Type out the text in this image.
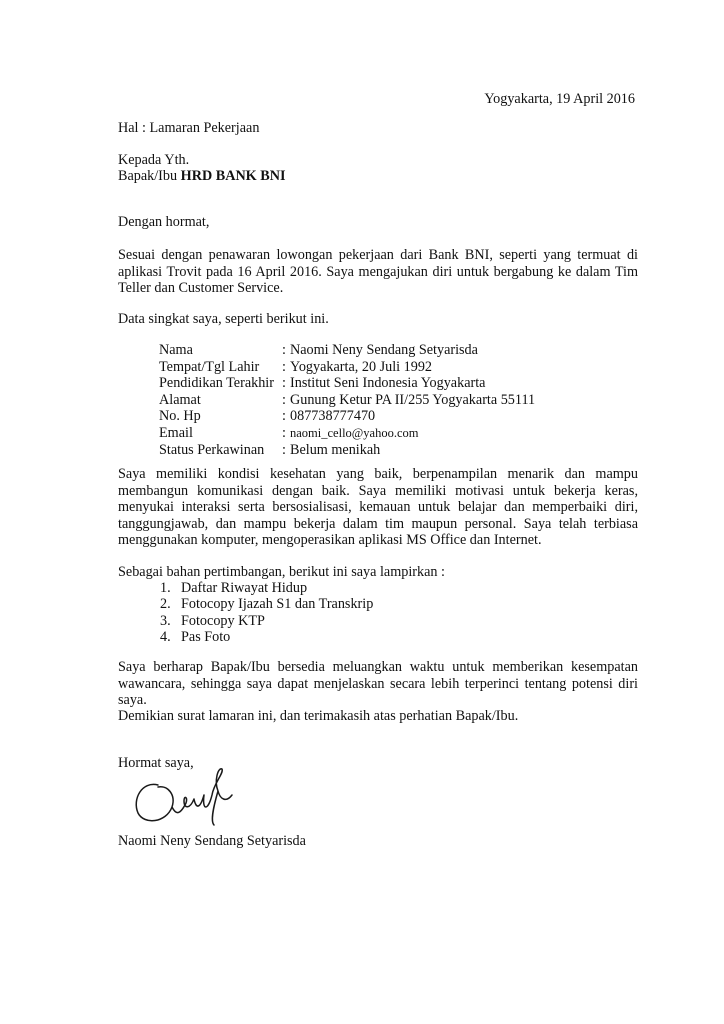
Yogyakarta, 19 April 2016
Hal : Lamaran Pekerjaan
Kepada Yth.
Bapak/Ibu HRD BANK BNI
Dengan hormat,
Sesuai dengan penawaran lowongan pekerjaan dari Bank BNI, seperti yang termuat di aplikasi Trovit pada 16 April 2016. Saya mengajukan diri untuk bergabung ke dalam Tim Teller dan Customer Service.
Data singkat saya, seperti berikut ini.
Nama	: Naomi Neny Sendang Setyarisda
Tempat/Tgl Lahir : Yogyakarta, 20 Juli 1992
Pendidikan Terakhir : Institut Seni Indonesia Yogyakarta
Alamat	: Gunung Ketur PA II/255 Yogyakarta 55111
No. Hp	: 087738777470
Email	: naomi_cello@yahoo.com
Status Perkawinan : Belum menikah
Saya memiliki kondisi kesehatan yang baik, berpenampilan menarik dan mampu membangun komunikasi dengan baik. Saya memiliki motivasi untuk bekerja keras, menyukai interaksi serta bersosialisasi, kemauan untuk belajar dan memperbaiki diri, tanggungjawab, dan mampu bekerja dalam tim maupun personal. Saya telah terbiasa menggunakan komputer, mengoperasikan aplikasi MS Office dan Internet.
Sebagai bahan pertimbangan, berikut ini saya lampirkan :
1. Daftar Riwayat Hidup
2. Fotocopy Ijazah S1 dan Transkrip
3. Fotocopy KTP
4. Pas Foto
Saya berharap Bapak/Ibu bersedia meluangkan waktu untuk memberikan kesempatan wawancara, sehingga saya dapat menjelaskan secara lebih terperinci tentang potensi diri saya.
Demikian surat lamaran ini, dan terimakasih atas perhatian Bapak/Ibu.
Hormat saya,
Naomi Neny Sendang Setyarisda
